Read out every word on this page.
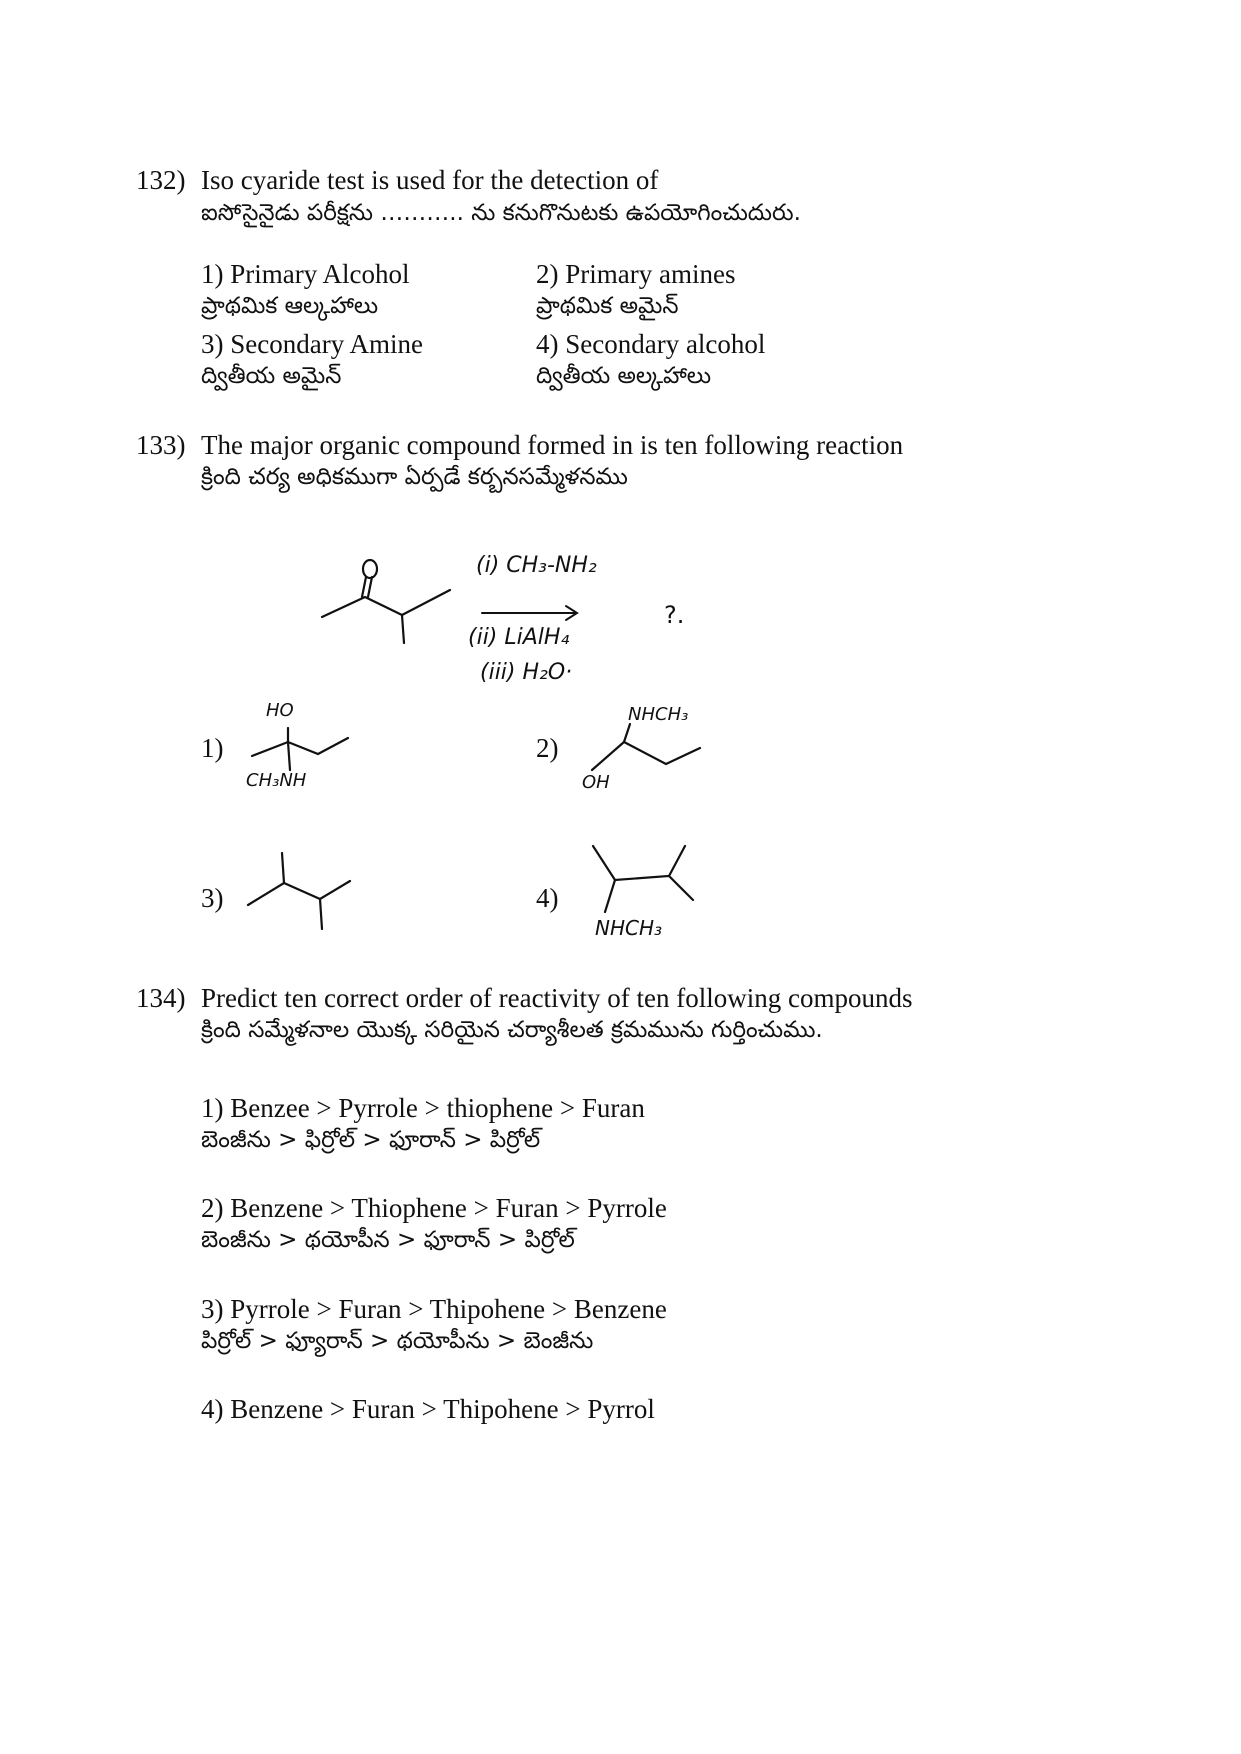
132) Iso cyaride test is used for the detection of
ఐసోసైనైడు పరీక్షను ……….. ను కనుగొనుటకు ఉపయోగించుదురు.
1) Primary Alcohol
ప్రాథమిక ఆల్కహాలు
2) Primary amines
ప్రాథమిక అమైన్
3) Secondary Amine
ద్వితీయ అమైన్
4) Secondary alcohol
ద్వితీయ అల్కహాలు
133) The major organic compound formed in is ten following reaction
క్రింది చర్య అధికముగా ఏర్పడే కర్బనసమ్మేళనము
(i) CH₃-NH₂
(ii) LiAlH₄
(iii) H₂O·
?.
1)
HO
CH₃NH
2)
NHCH₃
OH
3)	4)
NHCH₃
134) Predict ten correct order of reactivity of ten following compounds
క్రింది సమ్మేళనాల యొక్క సరియైన చర్యాశీలత క్రమమును గుర్తించుము.
1) Benzee > Pyrrole > thiophene > Furan
బెంజీను > ఫిర్రోల్ > ఫూరాన్ > పిర్రోల్
2) Benzene > Thiophene > Furan > Pyrrole
బెంజీను > థయోపీన > ఫూరాన్ > పిర్రోల్
3) Pyrrole > Furan > Thipohene > Benzene
పిర్రోల్ > ఫ్యూరాన్ > థయోపీను > బెంజీను
4) Benzene > Furan > Thipohene > Pyrrol
